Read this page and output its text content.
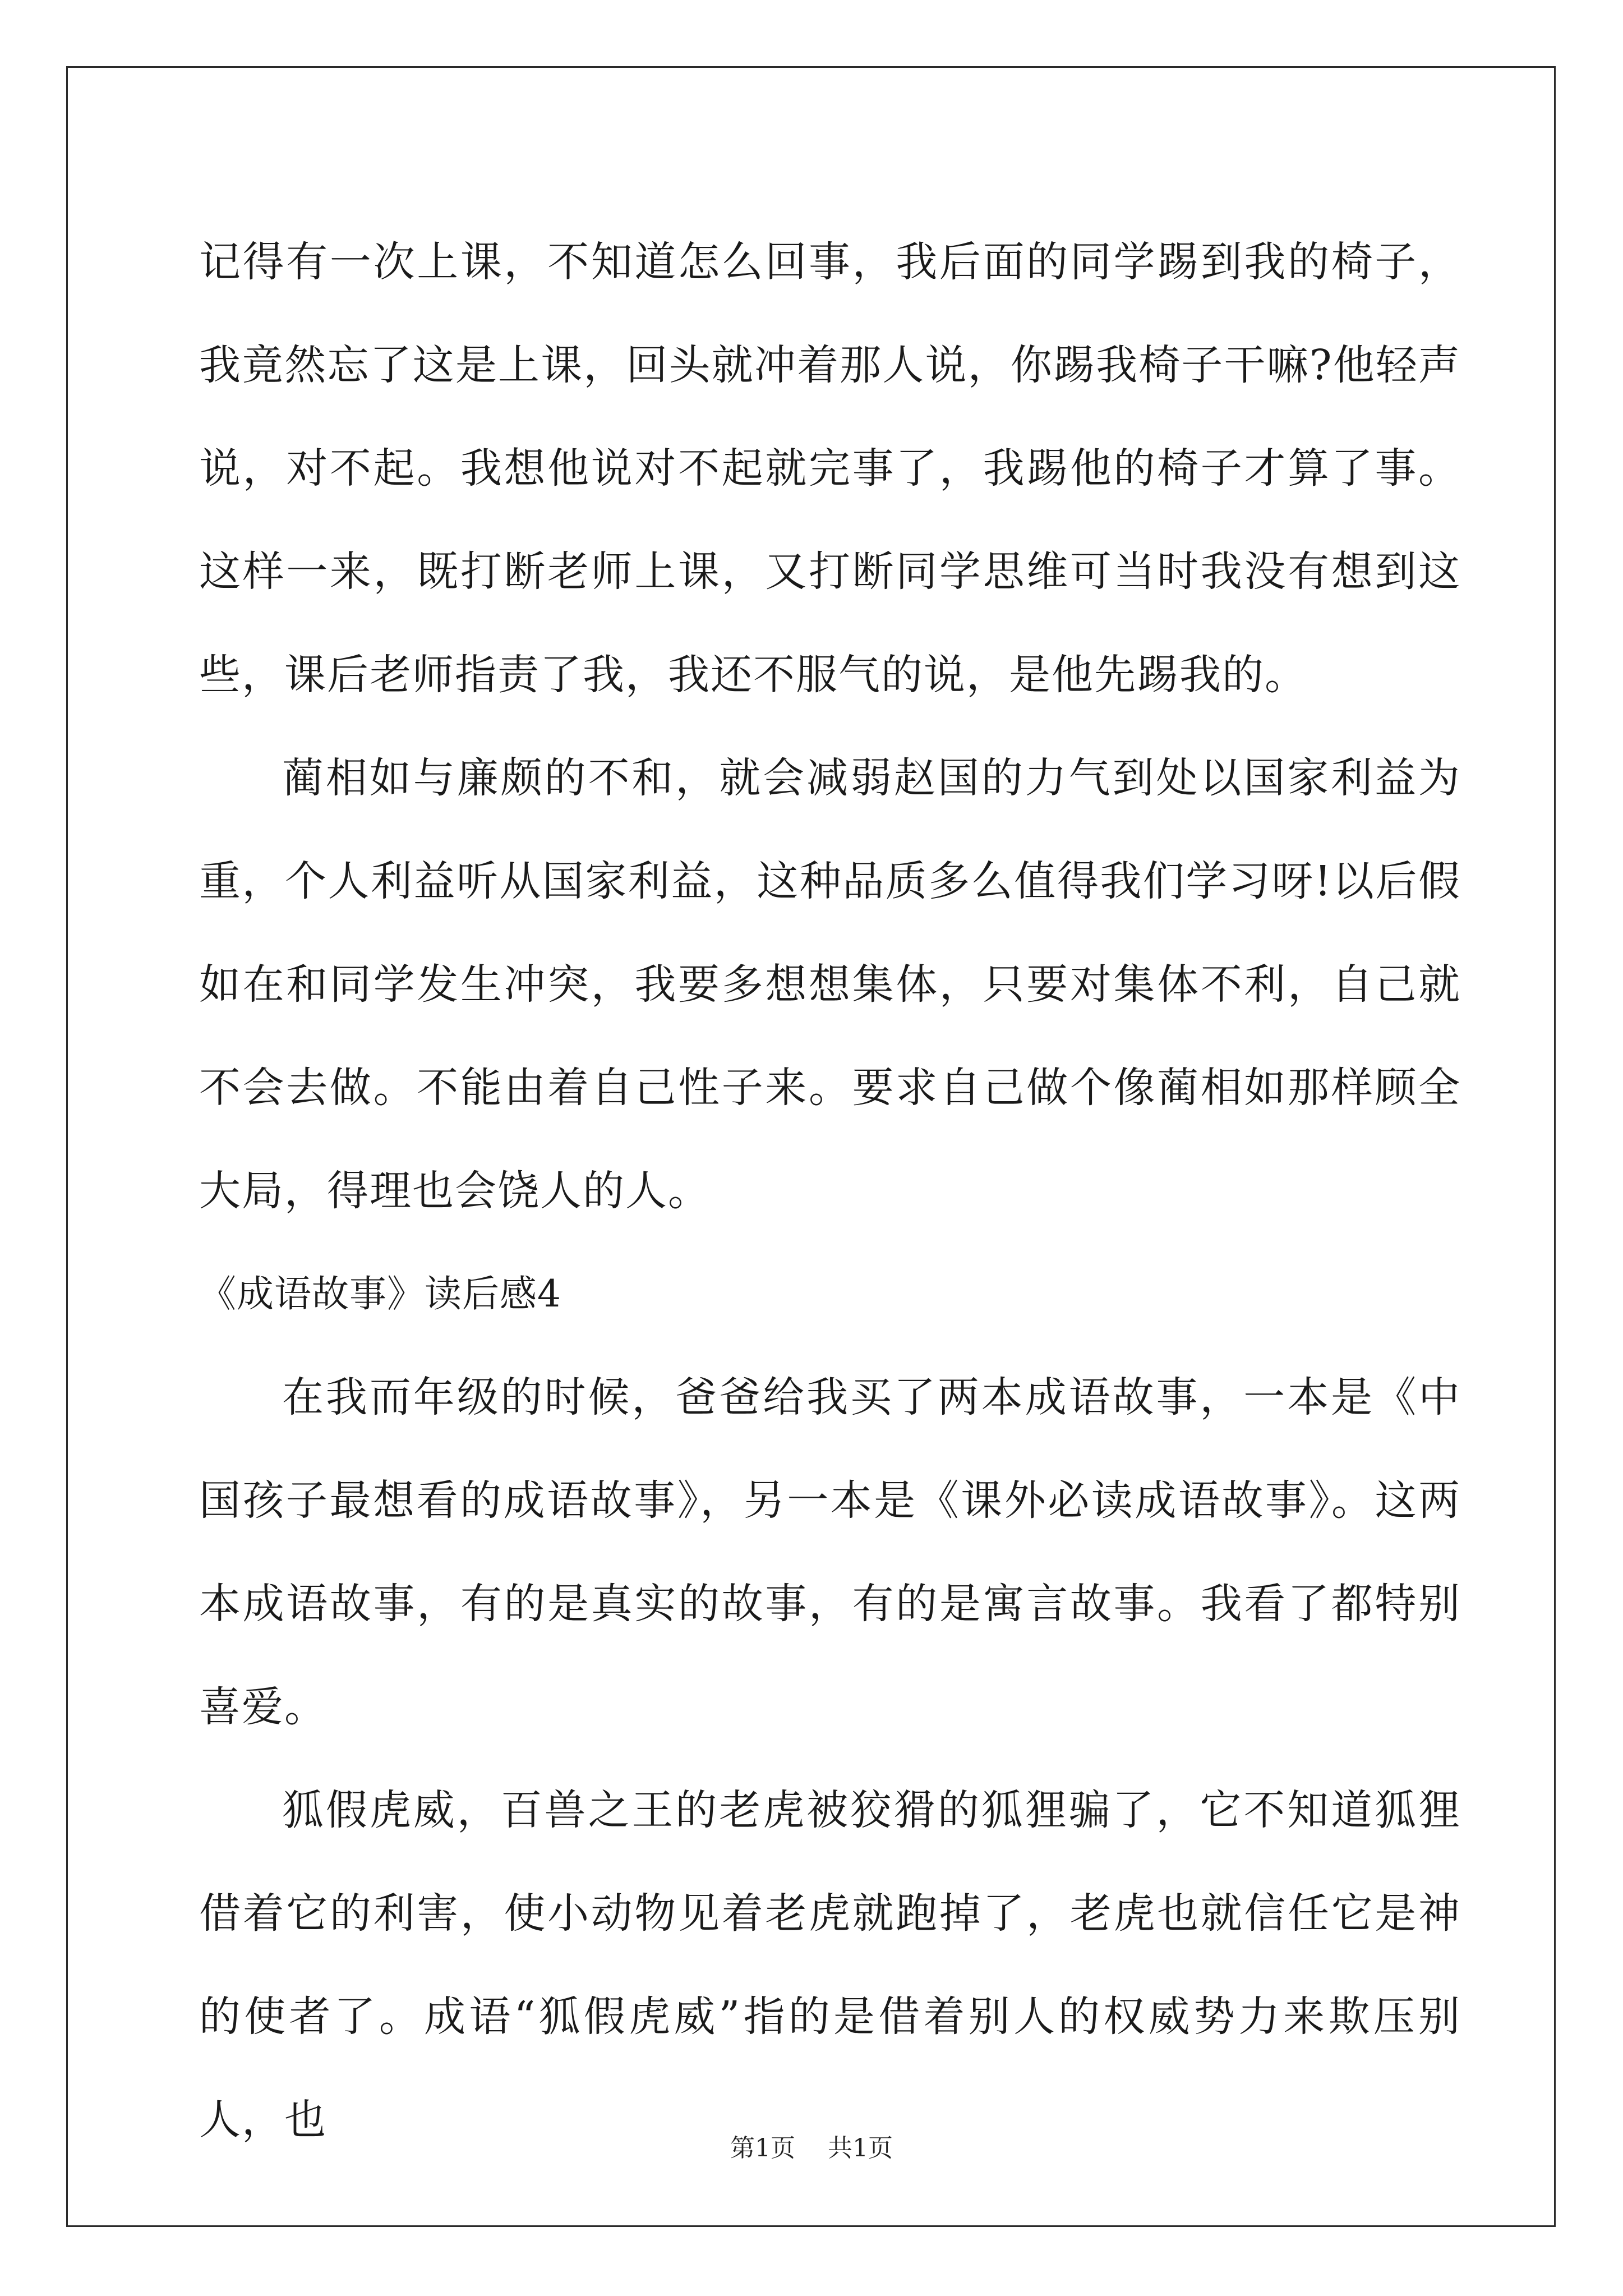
记得有一次上课，不知道怎么回事，我后面的同学踢到我的椅子，我竟然忘了这是上课，回头就冲着那人说，你踢我椅子干嘛?他轻声说，对不起。我想他说对不起就完事了，我踢他的椅子才算了事。这样一来，既打断老师上课，又打断同学思维可当时我没有想到这些，课后老师指责了我，我还不服气的说，是他先踢我的。

蔺相如与廉颇的不和，就会减弱赵国的力气到处以国家利益为重，个人利益听从国家利益，这种品质多么值得我们学习呀!以后假如在和同学发生冲突，我要多想想集体，只要对集体不利，自己就不会去做。不能由着自己性子来。要求自己做个像蔺相如那样顾全大局，得理也会饶人的人。

《成语故事》读后感4

在我而年级的时候，爸爸给我买了两本成语故事，一本是《中国孩子最想看的成语故事》，另一本是《课外必读成语故事》。这两本成语故事，有的是真实的故事，有的是寓言故事。我看了都特别喜爱。

狐假虎威，百兽之王的老虎被狡猾的狐狸骗了，它不知道狐狸借着它的利害，使小动物见着老虎就跑掉了，老虎也就信任它是神的使者了。成语“狐假虎威”指的是借着别人的权威势力来欺压别人，也

第1页 共1页
